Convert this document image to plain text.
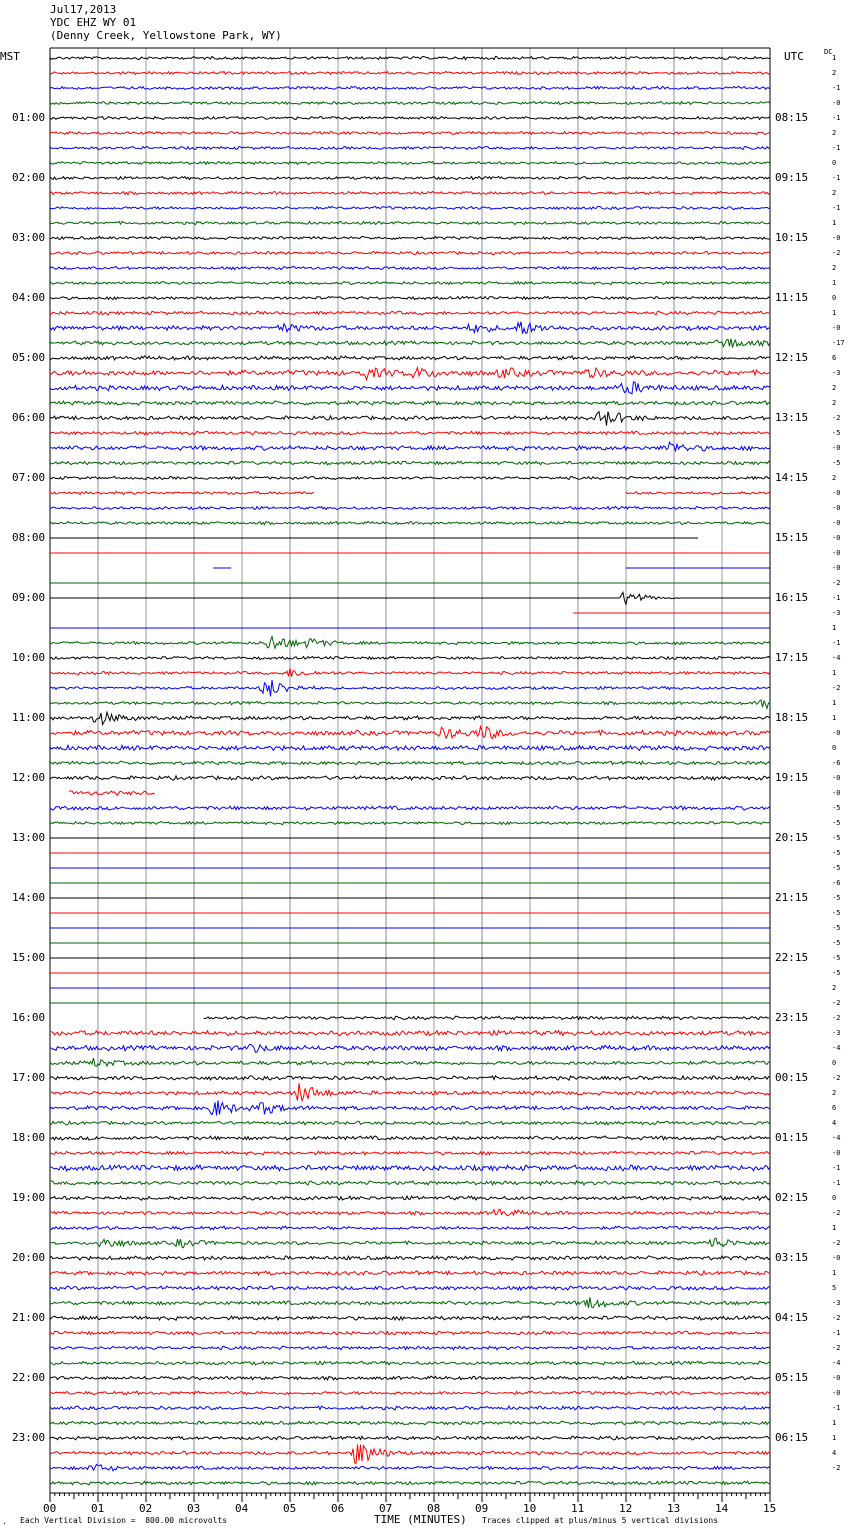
Jul17,2013
YDC EHZ WY 01
(Denny Creek, Yellowstone Park, WY)
MST	UTC	DC
00	01	02	03	04	05	06	07	08	09	10	11	12	13	14	15
01:00
02:00
03:00
04:00
05:00
06:00
07:00
08:00
09:00
10:00
11:00
12:00
13:00
14:00
15:00
16:00
17:00
18:00
19:00
20:00
21:00
22:00
23:00
08:15
09:15
10:15
11:15
12:15
13:15
14:15
15:15
16:15
17:15
18:15
19:15
20:15
21:15
22:15
23:15
00:15
01:15
02:15
03:15
04:15
05:15
06:15
1
2
-1
-0
-1
2
-1
0
-1
2
-1
1
-0
-2
2
1
0
1
-0
-17
6
-3
2
2
-2
-5
-0
-5
2
-0
-0
-0
-0
-0
-0
-2
-1
-3
1
-1
-4
1
-2
1
1
-0
0
-6
-0
-0
-5
-5
-5
-5
-5
-6
-5
-5
-5
-5
-5
-5
2
-2
-2
-3
-4
0
-2
2
6
4
-4
-0
-1
-1
0
-2
1
-2
-0
1
5
-3
-2
-1
-2
-4
-0
-0
-1
1
1
4
-2
. Each Vertical Division =  800.00 microvolts	TIME (MINUTES) Traces clipped at plus/minus 5 vertical divisions
